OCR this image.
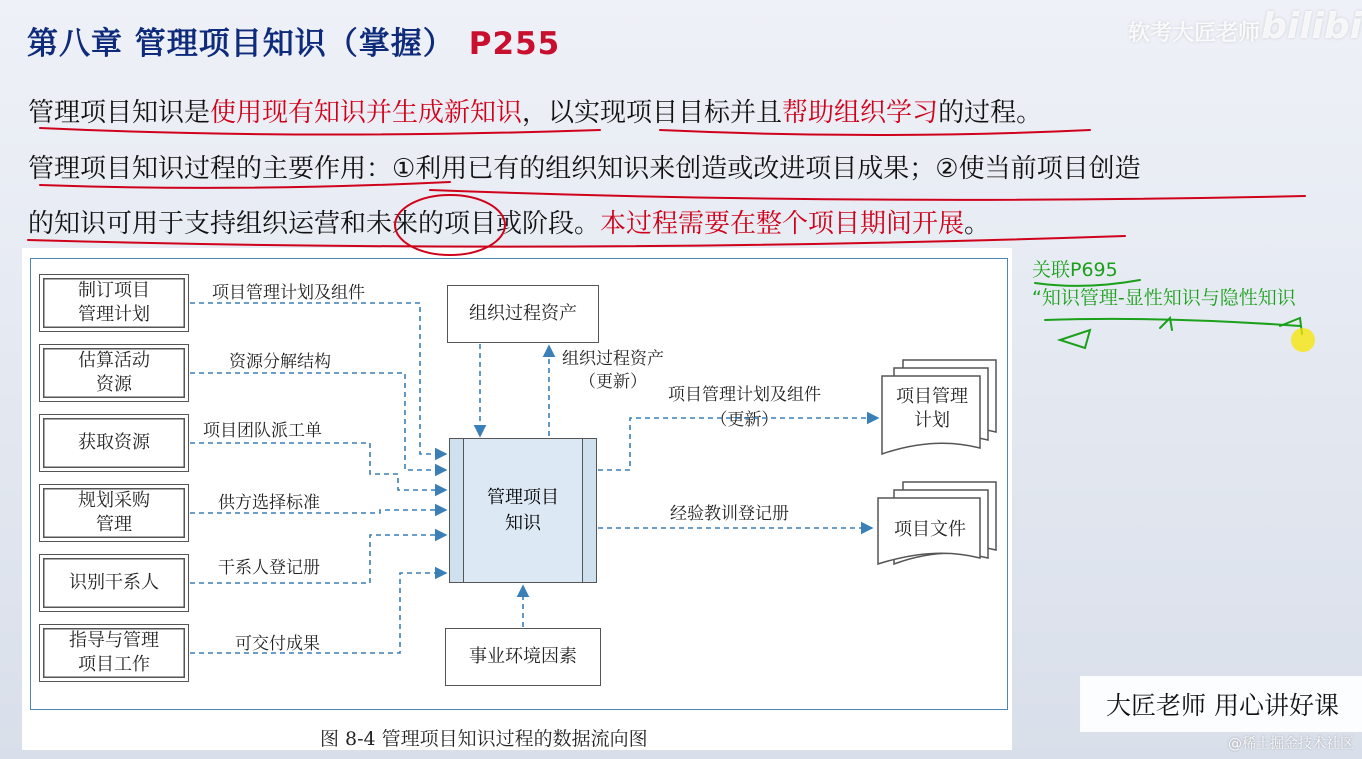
第八章 管理项目知识（掌握） P255	软考大匠老师 bilibi
管理项目知识是使用现有知识并生成新知识，以实现项目目标并且帮助组织学习的过程。
管理项目知识过程的主要作用：①利用已有的组织知识来创造或改进项目成果；②使当前项目创造
的知识可用于支持组织运营和未来的项目或阶段。本过程需要在整个项目期间开展。
关联P695
“知识管理-显性知识与隐性知识
制订项目
管理计划
估算活动
资源
获取资源
规划采购
管理
识别干系人
指导与管理
项目工作
项目管理计划及组件
资源分解结构
项目团队派工单
供方选择标准
干系人登记册
可交付成果
组织过程资产
组织过程资产
（更新）
管理项目
知识
事业环境因素
项目管理计划及组件
（更新）
经验教训登记册
项目管理
计划
项目文件
图 8-4 管理项目知识过程的数据流向图
大匠老师 用心讲好课
@稀土掘金技术社区
